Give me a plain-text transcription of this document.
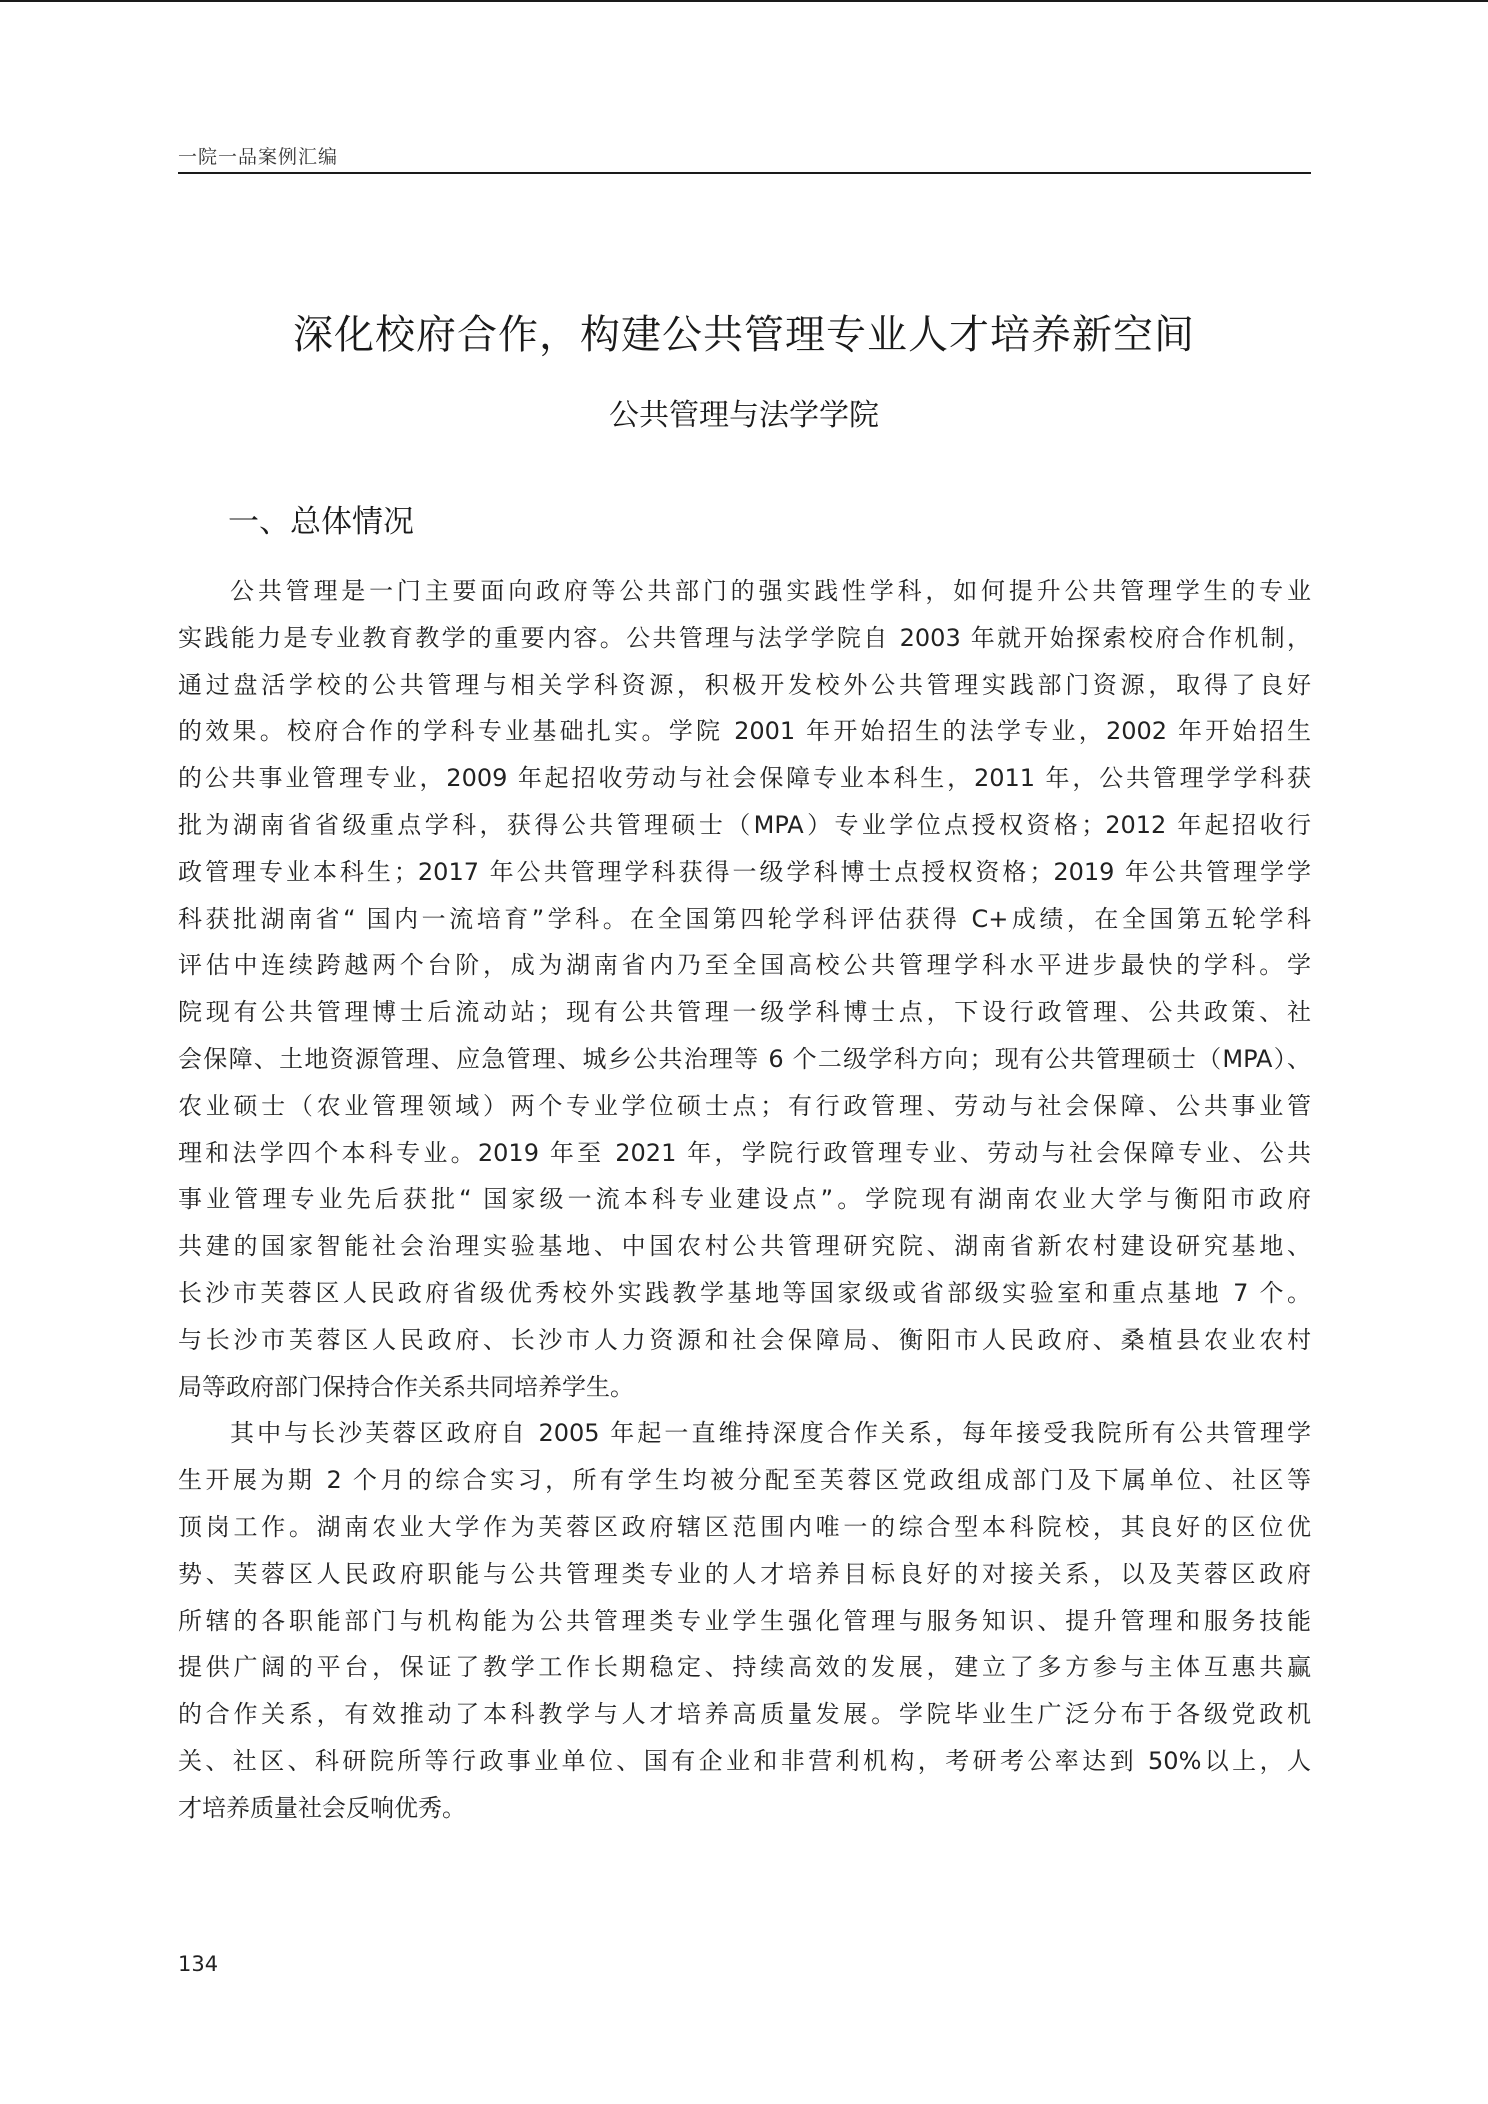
一院一品案例汇编
深化校府合作，构建公共管理专业人才培养新空间
公共管理与法学学院
一、总体情况
公共管理是一门主要面向政府等公共部门的强实践性学科，如何提升公共管理学生的专业
实践能力是专业教育教学的重要内容。公共管理与法学学院自 2003 年就开始探索校府合作机制，
通过盘活学校的公共管理与相关学科资源，积极开发校外公共管理实践部门资源，取得了良好
的效果。校府合作的学科专业基础扎实。学院 2001 年开始招生的法学专业，2002 年开始招生
的公共事业管理专业，2009 年起招收劳动与社会保障专业本科生，2011 年，公共管理学学科获
批为湖南省省级重点学科，获得公共管理硕士（MPA）专业学位点授权资格；2012 年起招收行
政管理专业本科生；2017 年公共管理学科获得一级学科博士点授权资格；2019 年公共管理学学
科获批湖南省“ 国内一流培育”学科。在全国第四轮学科评估获得 C+成绩，在全国第五轮学科
评估中连续跨越两个台阶，成为湖南省内乃至全国高校公共管理学科水平进步最快的学科。学
院现有公共管理博士后流动站；现有公共管理一级学科博士点，下设行政管理、公共政策、社
会保障、土地资源管理、应急管理、城乡公共治理等 6 个二级学科方向；现有公共管理硕士（MPA）、
农业硕士（农业管理领域）两个专业学位硕士点；有行政管理、劳动与社会保障、公共事业管
理和法学四个本科专业。2019 年至 2021 年，学院行政管理专业、劳动与社会保障专业、公共
事业管理专业先后获批“ 国家级一流本科专业建设点”。学院现有湖南农业大学与衡阳市政府
共建的国家智能社会治理实验基地、中国农村公共管理研究院、湖南省新农村建设研究基地、
长沙市芙蓉区人民政府省级优秀校外实践教学基地等国家级或省部级实验室和重点基地 7 个。
与长沙市芙蓉区人民政府、长沙市人力资源和社会保障局、衡阳市人民政府、桑植县农业农村
局等政府部门保持合作关系共同培养学生。
其中与长沙芙蓉区政府自 2005 年起一直维持深度合作关系，每年接受我院所有公共管理学
生开展为期 2 个月的综合实习，所有学生均被分配至芙蓉区党政组成部门及下属单位、社区等
顶岗工作。湖南农业大学作为芙蓉区政府辖区范围内唯一的综合型本科院校，其良好的区位优
势、芙蓉区人民政府职能与公共管理类专业的人才培养目标良好的对接关系，以及芙蓉区政府
所辖的各职能部门与机构能为公共管理类专业学生强化管理与服务知识、提升管理和服务技能
提供广阔的平台，保证了教学工作长期稳定、持续高效的发展，建立了多方参与主体互惠共赢
的合作关系，有效推动了本科教学与人才培养高质量发展。学院毕业生广泛分布于各级党政机
关、社区、科研院所等行政事业单位、国有企业和非营利机构，考研考公率达到 50%以上，人
才培养质量社会反响优秀。
134
